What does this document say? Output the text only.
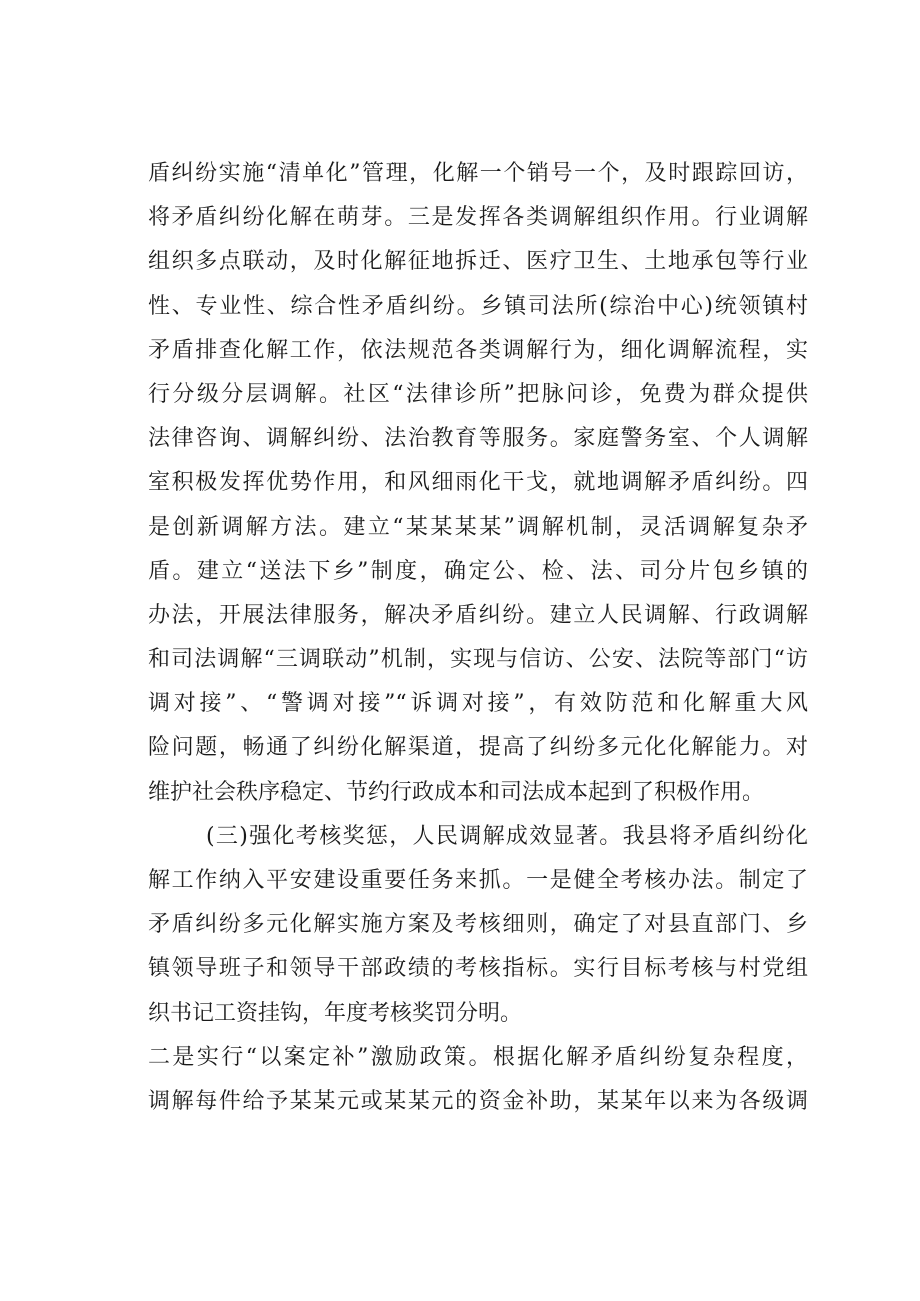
盾纠纷实施“清单化”管理，化解一个销号一个，及时跟踪回访，
将矛盾纠纷化解在萌芽。三是发挥各类调解组织作用。行业调解
组织多点联动，及时化解征地拆迁、医疗卫生、土地承包等行业
性、专业性、综合性矛盾纠纷。乡镇司法所(综治中心)统领镇村
矛盾排查化解工作，依法规范各类调解行为，细化调解流程，实
行分级分层调解。社区“法律诊所”把脉问诊，免费为群众提供
法律咨询、调解纠纷、法治教育等服务。家庭警务室、个人调解
室积极发挥优势作用，和风细雨化干戈，就地调解矛盾纠纷。四
是创新调解方法。建立“某某某某”调解机制，灵活调解复杂矛
盾。建立“送法下乡”制度，确定公、检、法、司分片包乡镇的
办法，开展法律服务，解决矛盾纠纷。建立人民调解、行政调解
和司法调解“三调联动”机制，实现与信访、公安、法院等部门“访
调对接”、“警调对接”“诉调对接”，有效防范和化解重大风
险问题，畅通了纠纷化解渠道，提高了纠纷多元化化解能力。对
维护社会秩序稳定、节约行政成本和司法成本起到了积极作用。
(三)强化考核奖惩，人民调解成效显著。我县将矛盾纠纷化
解工作纳入平安建设重要任务来抓。一是健全考核办法。制定了
矛盾纠纷多元化解实施方案及考核细则，确定了对县直部门、乡
镇领导班子和领导干部政绩的考核指标。实行目标考核与村党组
织书记工资挂钩，年度考核奖罚分明。
二是实行“以案定补”激励政策。根据化解矛盾纠纷复杂程度，
调解每件给予某某元或某某元的资金补助，某某年以来为各级调
